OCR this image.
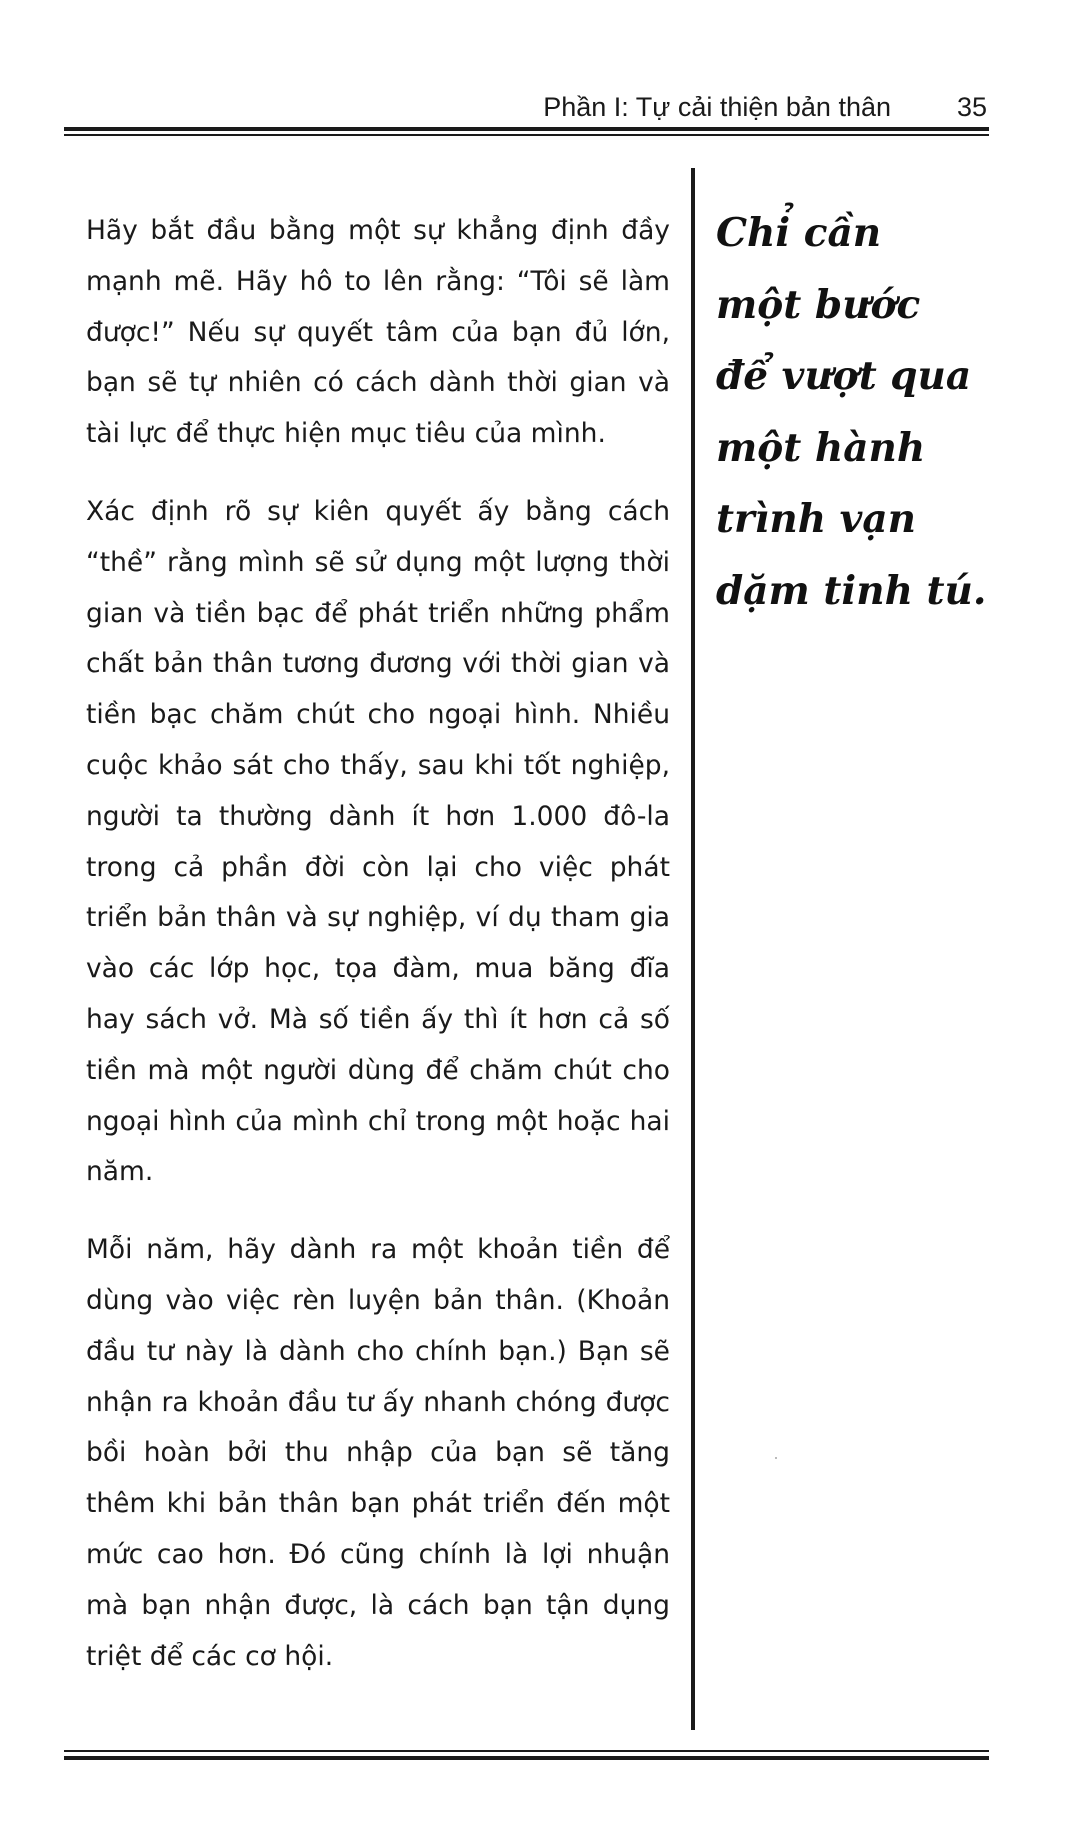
Phần I: Tự cải thiện bản thân 35

Hãy bắt đầu bằng một sự khẳng định đầy mạnh mẽ. Hãy hô to lên rằng: “Tôi sẽ làm được!” Nếu sự quyết tâm của bạn đủ lớn, bạn sẽ tự nhiên có cách dành thời gian và tài lực để thực hiện mục tiêu của mình.

Xác định rõ sự kiên quyết ấy bằng cách “thề” rằng mình sẽ sử dụng một lượng thời gian và tiền bạc để phát triển những phẩm chất bản thân tương đương với thời gian và tiền bạc chăm chút cho ngoại hình. Nhiều cuộc khảo sát cho thấy, sau khi tốt nghiệp, người ta thường dành ít hơn 1.000 đô-la trong cả phần đời còn lại cho việc phát triển bản thân và sự nghiệp, ví dụ tham gia vào các lớp học, tọa đàm, mua băng đĩa hay sách vở. Mà số tiền ấy thì ít hơn cả số tiền mà một người dùng để chăm chút cho ngoại hình của mình chỉ trong một hoặc hai năm.

Mỗi năm, hãy dành ra một khoản tiền để dùng vào việc rèn luyện bản thân. (Khoản đầu tư này là dành cho chính bạn.) Bạn sẽ nhận ra khoản đầu tư ấy nhanh chóng được bồi hoàn bởi thu nhập của bạn sẽ tăng thêm khi bản thân bạn phát triển đến một mức cao hơn. Đó cũng chính là lợi nhuận mà bạn nhận được, là cách bạn tận dụng triệt để các cơ hội.

Chỉ cần
một bước
để vượt qua
một hành
trình vạn
dặm tinh tú.
